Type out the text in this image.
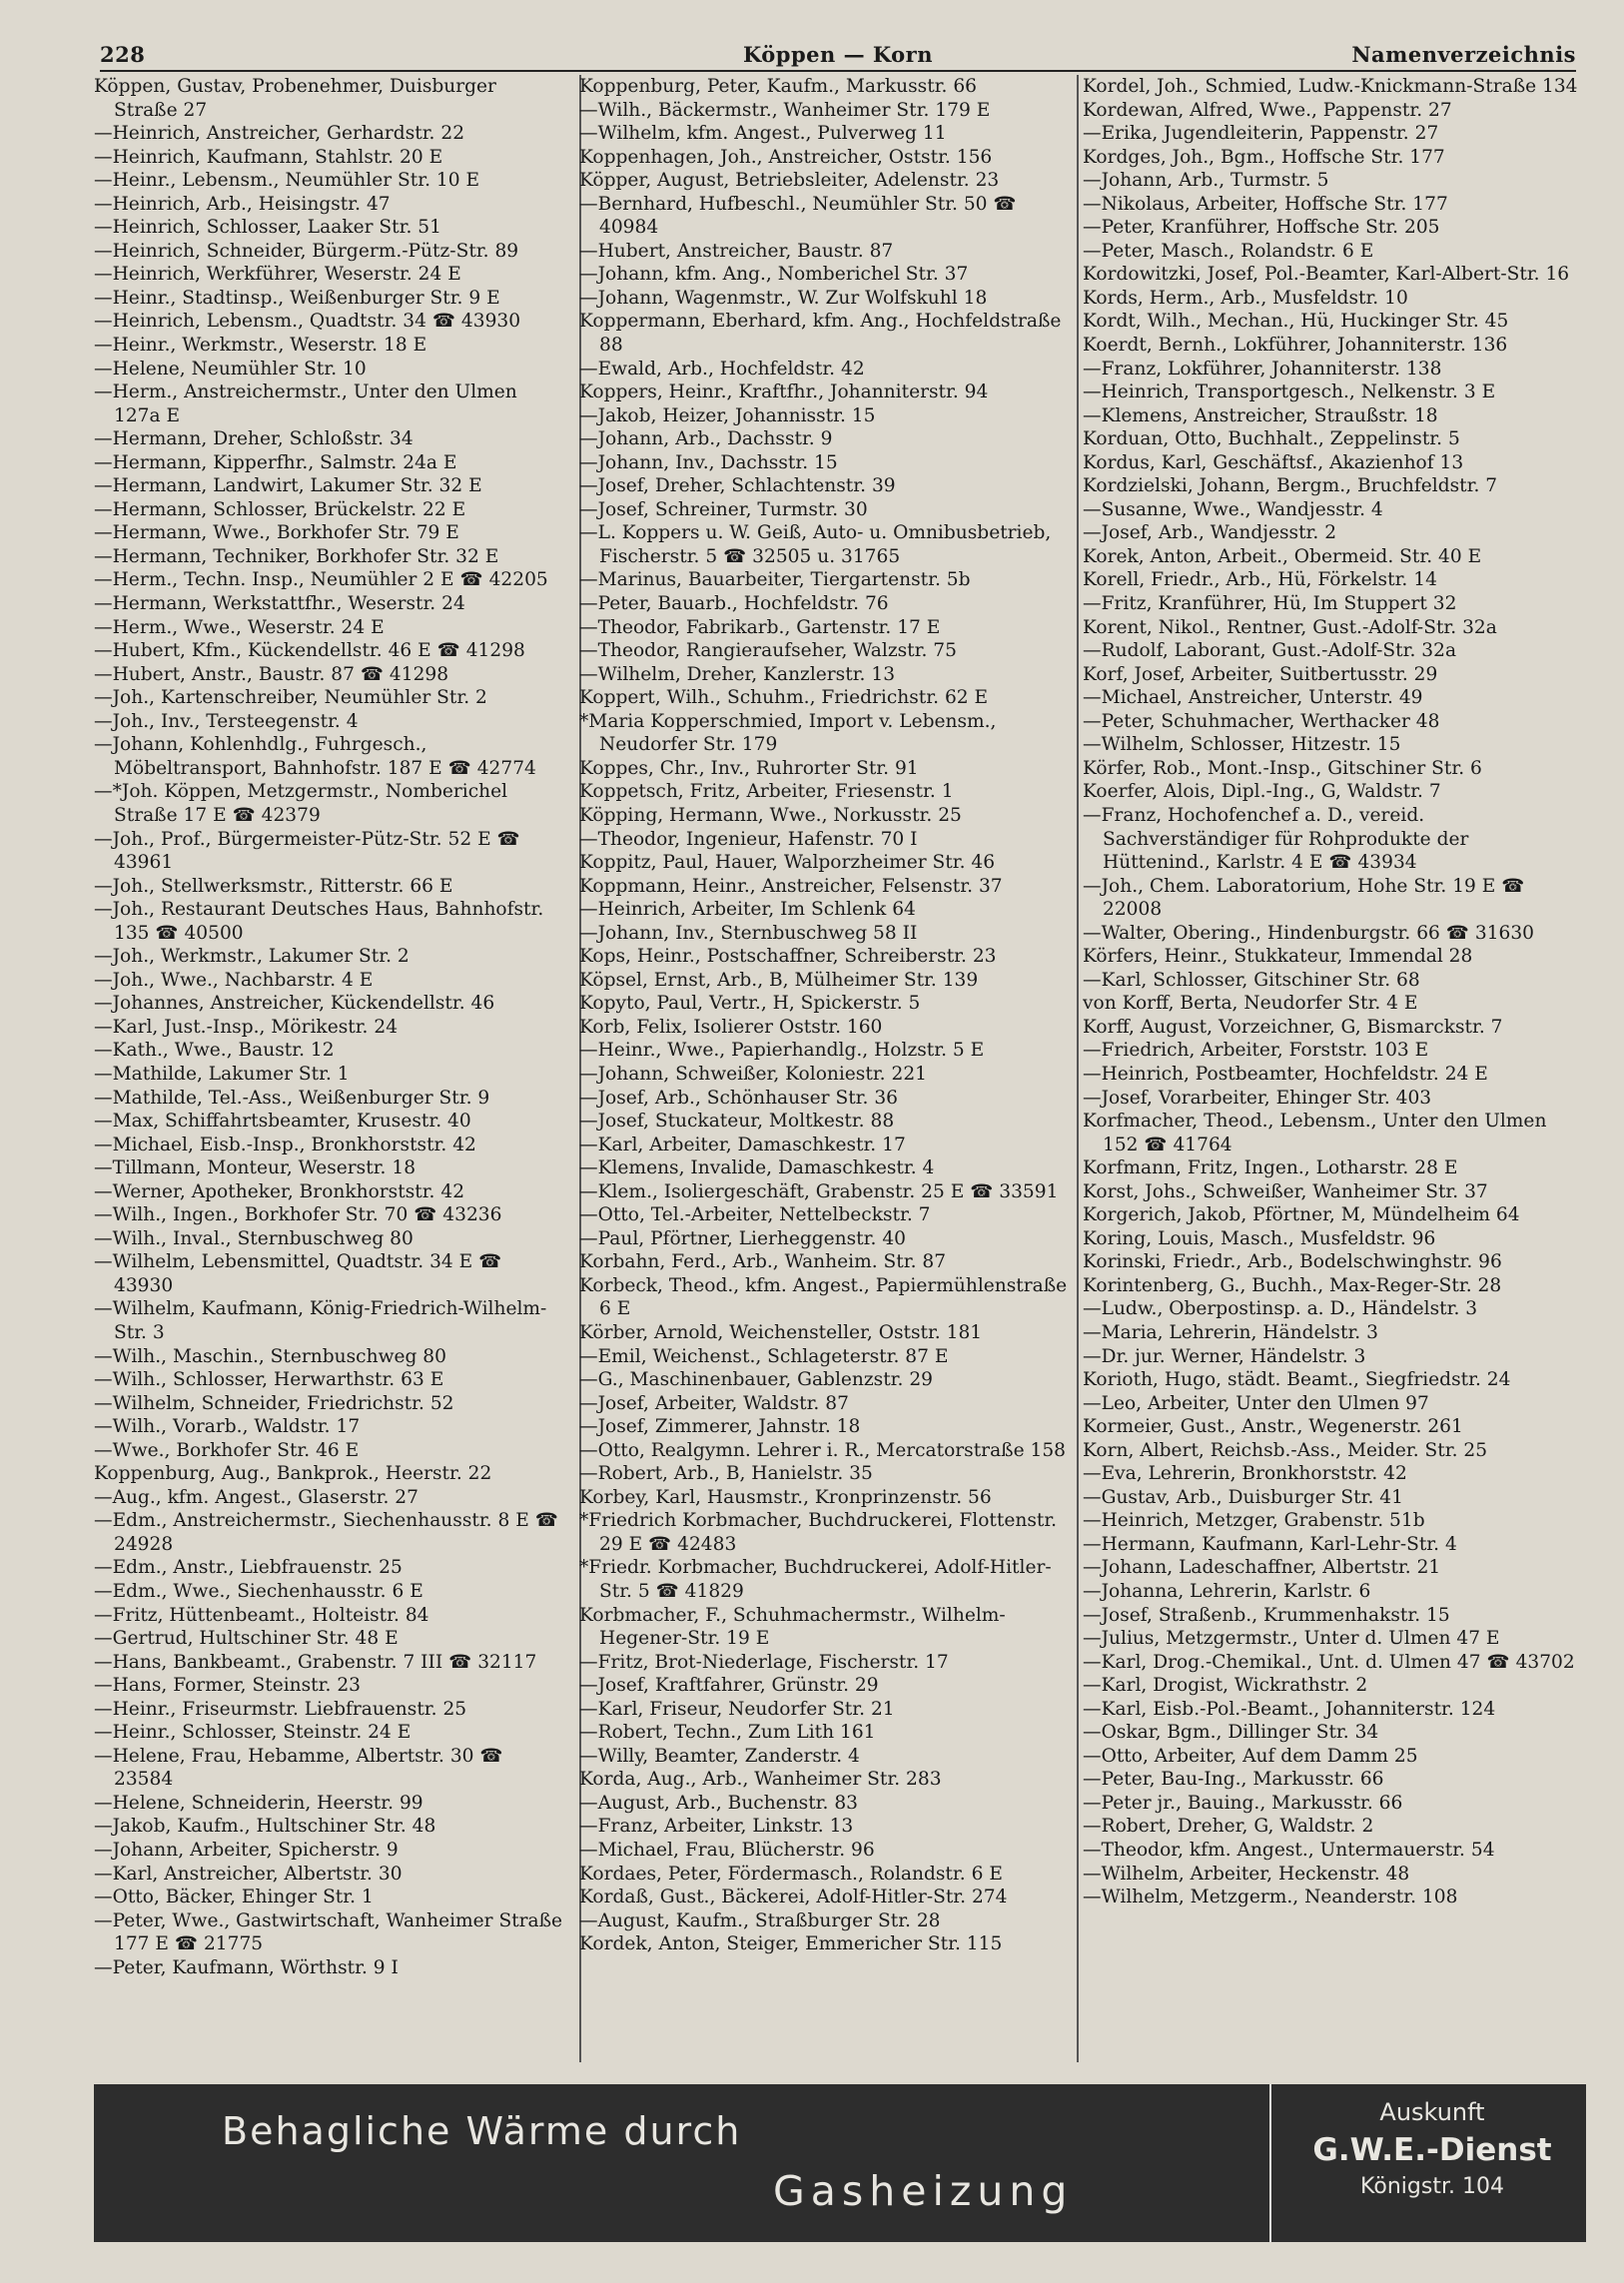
228	Köppen — Korn	Namenverzeichnis

Köppen, Gustav, Probenehmer, Duisburger Straße 27

—Heinrich, Anstreicher, Gerhardstr. 22

—Heinrich, Kaufmann, Stahlstr. 20 E

—Heinr., Lebensm., Neumühler Str. 10 E

—Heinrich, Arb., Heisingstr. 47

—Heinrich, Schlosser, Laaker Str. 51

—Heinrich, Schneider, Bürgerm.-Pütz-Str. 89

—Heinrich, Werkführer, Weserstr. 24 E

—Heinr., Stadtinsp., Weißenburger Str. 9 E

—Heinrich, Lebensm., Quadtstr. 34 ☎ 43930

—Heinr., Werkmstr., Weserstr. 18 E

—Helene, Neumühler Str. 10

—Herm., Anstreichermstr., Unter den Ulmen 127a E

—Hermann, Dreher, Schloßstr. 34

—Hermann, Kipperfhr., Salmstr. 24a E

—Hermann, Landwirt, Lakumer Str. 32 E

—Hermann, Schlosser, Brückelstr. 22 E

—Hermann, Wwe., Borkhofer Str. 79 E

—Hermann, Techniker, Borkhofer Str. 32 E

—Herm., Techn. Insp., Neumühler 2 E ☎ 42205

—Hermann, Werkstattfhr., Weserstr. 24

—Herm., Wwe., Weserstr. 24 E

—Hubert, Kfm., Kückendellstr. 46 E ☎ 41298

—Hubert, Anstr., Baustr. 87 ☎ 41298

—Joh., Kartenschreiber, Neumühler Str. 2

—Joh., Inv., Tersteegenstr. 4

—Johann, Kohlenhdlg., Fuhrgesch., Möbeltransport, Bahnhofstr. 187 E ☎ 42774

—*Joh. Köppen, Metzgermstr., Nomberichel Straße 17 E ☎ 42379

—Joh., Prof., Bürgermeister-Pütz-Str. 52 E ☎ 43961

—Joh., Stellwerksmstr., Ritterstr. 66 E

—Joh., Restaurant Deutsches Haus, Bahnhofstr. 135 ☎ 40500

—Joh., Werkmstr., Lakumer Str. 2

—Joh., Wwe., Nachbarstr. 4 E

—Johannes, Anstreicher, Kückendellstr. 46

—Karl, Just.-Insp., Mörikestr. 24

—Kath., Wwe., Baustr. 12

—Mathilde, Lakumer Str. 1

—Mathilde, Tel.-Ass., Weißenburger Str. 9

—Max, Schiffahrtsbeamter, Krusestr. 40

—Michael, Eisb.-Insp., Bronkhorststr. 42

—Tillmann, Monteur, Weserstr. 18

—Werner, Apotheker, Bronkhorststr. 42

—Wilh., Ingen., Borkhofer Str. 70 ☎ 43236

—Wilh., Inval., Sternbuschweg 80

—Wilhelm, Lebensmittel, Quadtstr. 34 E ☎ 43930

—Wilhelm, Kaufmann, König-Friedrich-Wilhelm-Str. 3

—Wilh., Maschin., Sternbuschweg 80

—Wilh., Schlosser, Herwarthstr. 63 E

—Wilhelm, Schneider, Friedrichstr. 52

—Wilh., Vorarb., Waldstr. 17

—Wwe., Borkhofer Str. 46 E

Koppenburg, Aug., Bankprok., Heerstr. 22

—Aug., kfm. Angest., Glaserstr. 27

—Edm., Anstreichermstr., Siechenhausstr. 8 E ☎ 24928

—Edm., Anstr., Liebfrauenstr. 25

—Edm., Wwe., Siechenhausstr. 6 E

—Fritz, Hüttenbeamt., Holteistr. 84

—Gertrud, Hultschiner Str. 48 E

—Hans, Bankbeamt., Grabenstr. 7 III ☎ 32117

—Hans, Former, Steinstr. 23

—Heinr., Friseurmstr. Liebfrauenstr. 25

—Heinr., Schlosser, Steinstr. 24 E

—Helene, Frau, Hebamme, Albertstr. 30 ☎ 23584

—Helene, Schneiderin, Heerstr. 99

—Jakob, Kaufm., Hultschiner Str. 48

—Johann, Arbeiter, Spicherstr. 9

—Karl, Anstreicher, Albertstr. 30

—Otto, Bäcker, Ehinger Str. 1

—Peter, Wwe., Gastwirtschaft, Wanheimer Straße 177 E ☎ 21775

—Peter, Kaufmann, Wörthstr. 9 I

Koppenburg, Peter, Kaufm., Markusstr. 66

—Wilh., Bäckermstr., Wanheimer Str. 179 E

—Wilhelm, kfm. Angest., Pulverweg 11

Koppenhagen, Joh., Anstreicher, Oststr. 156

Köpper, August, Betriebsleiter, Adelenstr. 23

—Bernhard, Hufbeschl., Neumühler Str. 50 ☎ 40984

—Hubert, Anstreicher, Baustr. 87

—Johann, kfm. Ang., Nomberichel Str. 37

—Johann, Wagenmstr., W. Zur Wolfskuhl 18

Koppermann, Eberhard, kfm. Ang., Hochfeldstraße 88

—Ewald, Arb., Hochfeldstr. 42

Koppers, Heinr., Kraftfhr., Johanniterstr. 94

—Jakob, Heizer, Johannisstr. 15

—Johann, Arb., Dachsstr. 9

—Johann, Inv., Dachsstr. 15

—Josef, Dreher, Schlachtenstr. 39

—Josef, Schreiner, Turmstr. 30

—L. Koppers u. W. Geiß, Auto- u. Omnibusbetrieb, Fischerstr. 5 ☎ 32505 u. 31765

—Marinus, Bauarbeiter, Tiergartenstr. 5b

—Peter, Bauarb., Hochfeldstr. 76

—Theodor, Fabrikarb., Gartenstr. 17 E

—Theodor, Rangieraufseher, Walzstr. 75

—Wilhelm, Dreher, Kanzlerstr. 13

Koppert, Wilh., Schuhm., Friedrichstr. 62 E

*Maria Kopperschmied, Import v. Lebensm., Neudorfer Str. 179

Koppes, Chr., Inv., Ruhrorter Str. 91

Koppetsch, Fritz, Arbeiter, Friesenstr. 1

Köpping, Hermann, Wwe., Norkusstr. 25

—Theodor, Ingenieur, Hafenstr. 70 I

Koppitz, Paul, Hauer, Walporzheimer Str. 46

Koppmann, Heinr., Anstreicher, Felsenstr. 37

—Heinrich, Arbeiter, Im Schlenk 64

—Johann, Inv., Sternbuschweg 58 II

Kops, Heinr., Postschaffner, Schreiberstr. 23

Köpsel, Ernst, Arb., B, Mülheimer Str. 139

Kopyto, Paul, Vertr., H, Spickerstr. 5

Korb, Felix, Isolierer Oststr. 160

—Heinr., Wwe., Papierhandlg., Holzstr. 5 E

—Johann, Schweißer, Koloniestr. 221

—Josef, Arb., Schönhauser Str. 36

—Josef, Stuckateur, Moltkestr. 88

—Karl, Arbeiter, Damaschkestr. 17

—Klemens, Invalide, Damaschkestr. 4

—Klem., Isoliergeschäft, Grabenstr. 25 E ☎ 33591

—Otto, Tel.-Arbeiter, Nettelbeckstr. 7

—Paul, Pförtner, Lierheggenstr. 40

Korbahn, Ferd., Arb., Wanheim. Str. 87

Korbeck, Theod., kfm. Angest., Papiermühlenstraße 6 E

Körber, Arnold, Weichensteller, Oststr. 181

—Emil, Weichenst., Schlageterstr. 87 E

—G., Maschinenbauer, Gablenzstr. 29

—Josef, Arbeiter, Waldstr. 87

—Josef, Zimmerer, Jahnstr. 18

—Otto, Realgymn. Lehrer i. R., Mercatorstraße 158

—Robert, Arb., B, Hanielstr. 35

Korbey, Karl, Hausmstr., Kronprinzenstr. 56

*Friedrich Korbmacher, Buchdruckerei, Flottenstr. 29 E ☎ 42483

*Friedr. Korbmacher, Buchdruckerei, Adolf-Hitler-Str. 5 ☎ 41829

Korbmacher, F., Schuhmachermstr., Wilhelm-Hegener-Str. 19 E

—Fritz, Brot-Niederlage, Fischerstr. 17

—Josef, Kraftfahrer, Grünstr. 29

—Karl, Friseur, Neudorfer Str. 21

—Robert, Techn., Zum Lith 161

—Willy, Beamter, Zanderstr. 4

Korda, Aug., Arb., Wanheimer Str. 283

—August, Arb., Buchenstr. 83

—Franz, Arbeiter, Linkstr. 13

—Michael, Frau, Blücherstr. 96

Kordaes, Peter, Fördermasch., Rolandstr. 6 E

Kordaß, Gust., Bäckerei, Adolf-Hitler-Str. 274

—August, Kaufm., Straßburger Str. 28

Kordek, Anton, Steiger, Emmericher Str. 115

Kordel, Joh., Schmied, Ludw.-Knickmann-Straße 134

Kordewan, Alfred, Wwe., Pappenstr. 27

—Erika, Jugendleiterin, Pappenstr. 27

Kordges, Joh., Bgm., Hoffsche Str. 177

—Johann, Arb., Turmstr. 5

—Nikolaus, Arbeiter, Hoffsche Str. 177

—Peter, Kranführer, Hoffsche Str. 205

—Peter, Masch., Rolandstr. 6 E

Kordowitzki, Josef, Pol.-Beamter, Karl-Albert-Str. 16

Kords, Herm., Arb., Musfeldstr. 10

Kordt, Wilh., Mechan., Hü, Huckinger Str. 45

Koerdt, Bernh., Lokführer, Johanniterstr. 136

—Franz, Lokführer, Johanniterstr. 138

—Heinrich, Transportgesch., Nelkenstr. 3 E

—Klemens, Anstreicher, Straußstr. 18

Korduan, Otto, Buchhalt., Zeppelinstr. 5

Kordus, Karl, Geschäftsf., Akazienhof 13

Kordzielski, Johann, Bergm., Bruchfeldstr. 7

—Susanne, Wwe., Wandjesstr. 4

—Josef, Arb., Wandjesstr. 2

Korek, Anton, Arbeit., Obermeid. Str. 40 E

Korell, Friedr., Arb., Hü, Förkelstr. 14

—Fritz, Kranführer, Hü, Im Stuppert 32

Korent, Nikol., Rentner, Gust.-Adolf-Str. 32a

—Rudolf, Laborant, Gust.-Adolf-Str. 32a

Korf, Josef, Arbeiter, Suitbertusstr. 29

—Michael, Anstreicher, Unterstr. 49

—Peter, Schuhmacher, Werthacker 48

—Wilhelm, Schlosser, Hitzestr. 15

Körfer, Rob., Mont.-Insp., Gitschiner Str. 6

Koerfer, Alois, Dipl.-Ing., G, Waldstr. 7

—Franz, Hochofenchef a. D., vereid. Sachverständiger für Rohprodukte der Hüttenind., Karlstr. 4 E ☎ 43934

—Joh., Chem. Laboratorium, Hohe Str. 19 E ☎ 22008

—Walter, Obering., Hindenburgstr. 66 ☎ 31630

Körfers, Heinr., Stukkateur, Immendal 28

—Karl, Schlosser, Gitschiner Str. 68

von Korff, Berta, Neudorfer Str. 4 E

Korff, August, Vorzeichner, G, Bismarckstr. 7

—Friedrich, Arbeiter, Forststr. 103 E

—Heinrich, Postbeamter, Hochfeldstr. 24 E

—Josef, Vorarbeiter, Ehinger Str. 403

Korfmacher, Theod., Lebensm., Unter den Ulmen 152 ☎ 41764

Korfmann, Fritz, Ingen., Lotharstr. 28 E

Korst, Johs., Schweißer, Wanheimer Str. 37

Korgerich, Jakob, Pförtner, M, Mündelheim 64

Koring, Louis, Masch., Musfeldstr. 96

Korinski, Friedr., Arb., Bodelschwinghstr. 96

Korintenberg, G., Buchh., Max-Reger-Str. 28

—Ludw., Oberpostinsp. a. D., Händelstr. 3

—Maria, Lehrerin, Händelstr. 3

—Dr. jur. Werner, Händelstr. 3

Korioth, Hugo, städt. Beamt., Siegfriedstr. 24

—Leo, Arbeiter, Unter den Ulmen 97

Kormeier, Gust., Anstr., Wegenerstr. 261

Korn, Albert, Reichsb.-Ass., Meider. Str. 25

—Eva, Lehrerin, Bronkhorststr. 42

—Gustav, Arb., Duisburger Str. 41

—Heinrich, Metzger, Grabenstr. 51b

—Hermann, Kaufmann, Karl-Lehr-Str. 4

—Johann, Ladeschaffner, Albertstr. 21

—Johanna, Lehrerin, Karlstr. 6

—Josef, Straßenb., Krummenhakstr. 15

—Julius, Metzgermstr., Unter d. Ulmen 47 E

—Karl, Drog.-Chemikal., Unt. d. Ulmen 47 ☎ 43702

—Karl, Drogist, Wickrathstr. 2

—Karl, Eisb.-Pol.-Beamt., Johanniterstr. 124

—Oskar, Bgm., Dillinger Str. 34

—Otto, Arbeiter, Auf dem Damm 25

—Peter, Bau-Ing., Markusstr. 66

—Peter jr., Bauing., Markusstr. 66

—Robert, Dreher, G, Waldstr. 2

—Theodor, kfm. Angest., Untermauerstr. 54

—Wilhelm, Arbeiter, Heckenstr. 48

—Wilhelm, Metzgerm., Neanderstr. 108

Behagliche Wärme durch
Gasheizung
Auskunft
G.W.E.-Dienst
Königstr. 104
